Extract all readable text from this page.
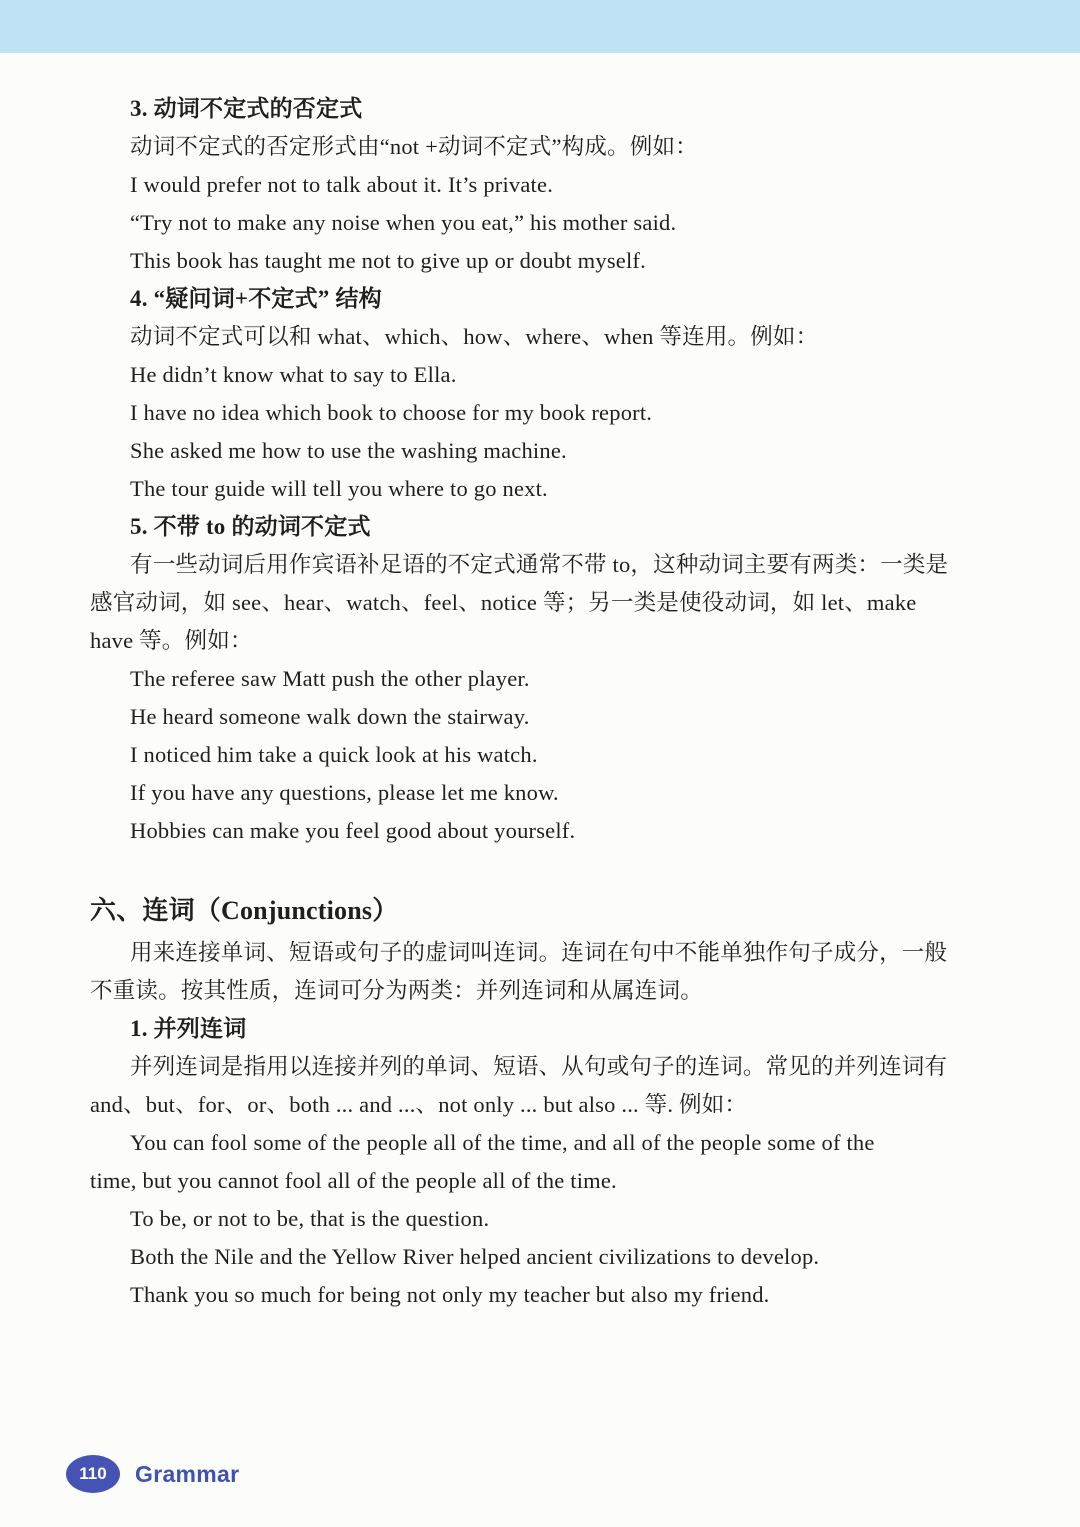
3. 动词不定式的否定式
动词不定式的否定形式由“not +动词不定式”构成。例如：
I would prefer not to talk about it. It’s private.
“Try not to make any noise when you eat,” his mother said.
This book has taught me not to give up or doubt myself.
4. “疑问词+不定式” 结构
动词不定式可以和 what、which、how、where、when 等连用。例如：
He didn’t know what to say to Ella.
I have no idea which book to choose for my book report.
She asked me how to use the washing machine.
The tour guide will tell you where to go next.
5. 不带 to 的动词不定式
有一些动词后用作宾语补足语的不定式通常不带 to，这种动词主要有两类：一类是
感官动词，如 see、hear、watch、feel、notice 等；另一类是使役动词，如 let、make
have 等。例如：
The referee saw Matt push the other player.
He heard someone walk down the stairway.
I noticed him take a quick look at his watch.
If you have any questions, please let me know.
Hobbies can make you feel good about yourself.
六、连词（Conjunctions）
用来连接单词、短语或句子的虚词叫连词。连词在句中不能单独作句子成分，一般
不重读。按其性质，连词可分为两类：并列连词和从属连词。
1. 并列连词
并列连词是指用以连接并列的单词、短语、从句或句子的连词。常见的并列连词有
and、but、for、or、both ... and ...、not only ... but also ... 等. 例如：
You can fool some of the people all of the time, and all of the people some of the
time, but you cannot fool all of the people all of the time.
To be, or not to be, that is the question.
Both the Nile and the Yellow River helped ancient civilizations to develop.
Thank you so much for being not only my teacher but also my friend.
110	Grammar
